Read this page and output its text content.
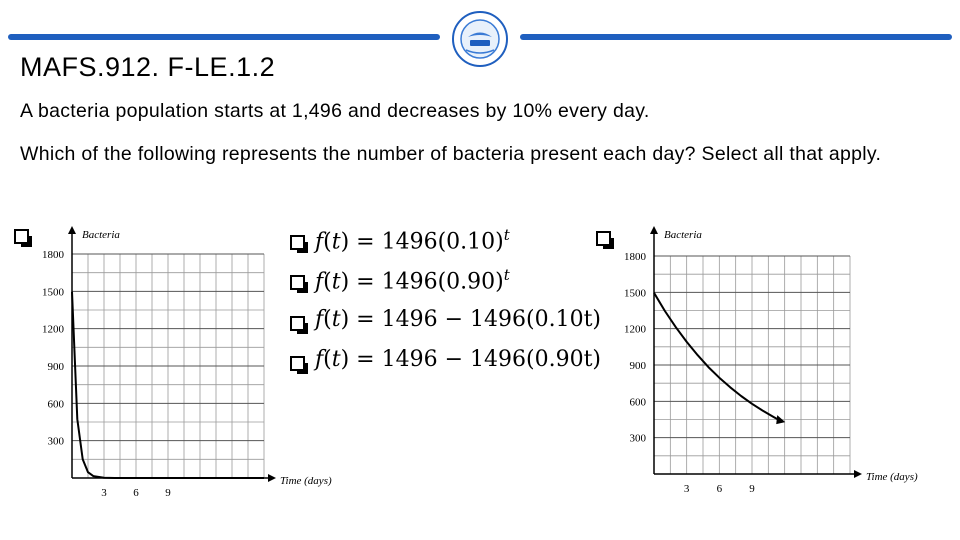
MAFS.912. F-LE.1.2
A bacteria population starts at 1,496 and decreases by 10% every day.
Which of the following represents the number of bacteria present each day? Select all that apply.
1800
1500
1200
900
600
300
3 6 9
Bacteria
Time (days)
1800
1500
1200
900
600
300
3 6 9
Bacteria
Time (days)
$f(t) = 1496(0.10)^t$
$f(t) = 1496(0.90)^t$
f(t) = 1496 − 1496(0.10t)
f(t) = 1496 − 1496(0.90t)
